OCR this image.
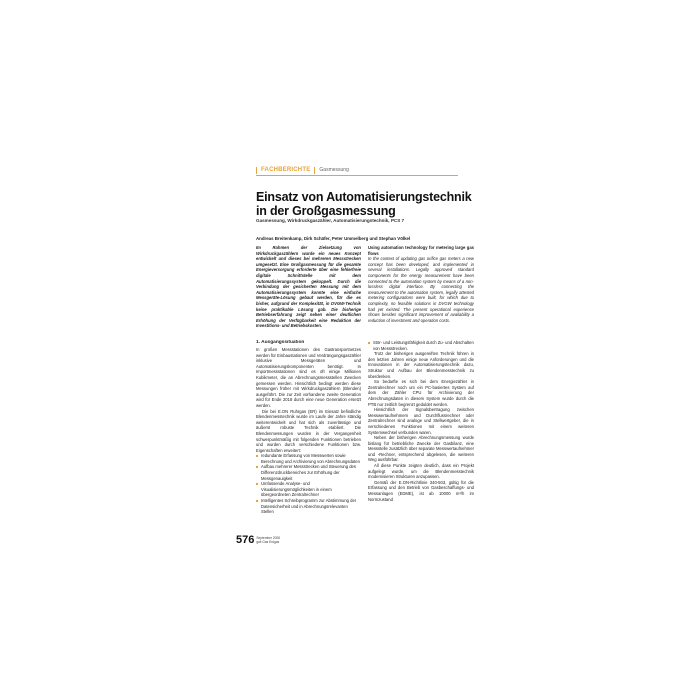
FACHBERICHTE Gasmessung
Einsatz von Automatisierungstechnik
in der Großgasmessung
Gasmessung, Wirkdruckgaszähler, Automatisierungstechnik, PCS 7
Andreas Breitenkamp, Dirk Schäfer, Peter Ummelberg und Stephan Völkel

Im Rahmen der Zielsetzung von Wirkdruckgaszählern wurde ein neues Konzept entwickelt und dieses bei mehreren Messstrecken umgesetzt. Eine Großgasmessung für die gesamte Energieversorgung erforderte über eine fehlerfreie digitale Schnittstelle mit dem Automatisierungssystem gekoppelt. Durch die Verbindung der gesicherten Messung mit dem Automatisierungssystem konnte eine einfache Messgeräte-Lösung gebaut werden, für die es bisher, aufgrund der Komplexität, in DVGW-Technik keine praktikable Lösung gab. Die bisherige Betriebserfahrung zeigt neben einer deutlichen Erhöhung der Verfügbarkeit eine Reduktion der Investitions- und Betriebskosten.

Using automation technology for metering large gas flows

In the context of updating gas orifice gas meters a new concept has been developed, and implemented in several installations. Legally approved standard components for the energy measurement have been connected to the automation system by means of a non-lossless digital interface. By connecting the measurement to the automation system, legally attested metering configurations were built, for which due to complexity, no feasible solutions in DVGW technology had yet existed. The present operational experience shows besides significant improvement of availability a reduction of investment and operation costs.

1. Ausgangssituation

In großen Messstationen des Gastransportnetzes werden für Einbaustationen und Verdrängungsgaszähler inklusive Messgeräten und Automatisierungskomponenten benötigt. In Importmessstationen sind es oft einige Millionen Kubikmeter, die an Abrechnungsmessstellen Zwecken gemessen werden. Hinsichtlich bedingt werden diese Messungen früher mit Wirkdruckgaszählern (Blenden) ausgeführt. Die zur Zeit vorhandene zweite Generation wird für Ende 2018 durch eine neue Generation ersetzt werden.

Die bei E.ON Ruhrgas (ER) im Einsatz befindliche Blendenmesstechnik wurde im Laufe der Jahre ständig weiterentwickelt und hat sich als zuverlässige und äußerst robuste Technik etabliert. Die Blendenmessungen wurden in der Vergangenheit schwerpunktmäßig mit folgenden Funktionen betrieben und wurden durch verschiedene Funktionen bzw. Eigenschaften erweitert:

redundante Erfassung von Messwerten sowie Berechnung und Archivierung von Abrechnungsdaten
Aufbau mehrerer Messstrecken und Steuerung des Differenzdruckbereiches zur Erhöhung der Messgenauigkeit
Umfassende Analyse- und Visualisierungsmöglichkeiten in einem übergeordneten Zentralrechner
Intelligentes Schreibprogramm zur Abstimmung der Datensicherheit und in Abrechnungsrelevanten Stellen
Stör- und Leistungsfähigkeit durch Zu- und Abschalten von Messstrecken.

Trotz der bisherigen ausgereiften Technik führen in den letzten Jahren einige neue Anforderungen und die Innovationen in der Automatisierungstechnik dazu, Struktur und Aufbau der Blendenmesstechnik zu überdenken.

So bedarfte es sich bei dem Energiezähler in Zentralrechner noch um ein PC-basiertes System auf dem der Zähler CPU für Archivierung der Abrechnungsdaten in diesem System wurde durch die PTB nur zeitlich begrenzt geduldet werden.

Hinsichtlich der Signalübertragung zwischen Messwertaufnehmern und Durchflussrechner oder Zentralrechner sind analoge und Stellwertgeber, die in verschiedenen Funktionen mit einem weiteren Systemwechsel verbunden waren.

Neben der bisherigen Abrechnungsmessung wurde bislang für betriebliche Zwecke der Gasbilanz, eine Messstelle zusätzlich über separate Messwertaufnehmer und -Rechner, entsprechend abgelesen, die weiteren Weg ausführbar.

All diese Punkte zeigten deutlich, dass ein Projekt aufgelegt wurde, um die Blendenmesstechnik modernisieren Strukturen anzupassen.

Gemäß der E.ON-Richtlinie 340-503, gültig für die Erfassung und den Betrieb von Gasbeschaffungs- und Messanlagen (EDME), ist ab 10000 m³/h im Normzustand

576 September 2008
gwf-Gas Erdgas
